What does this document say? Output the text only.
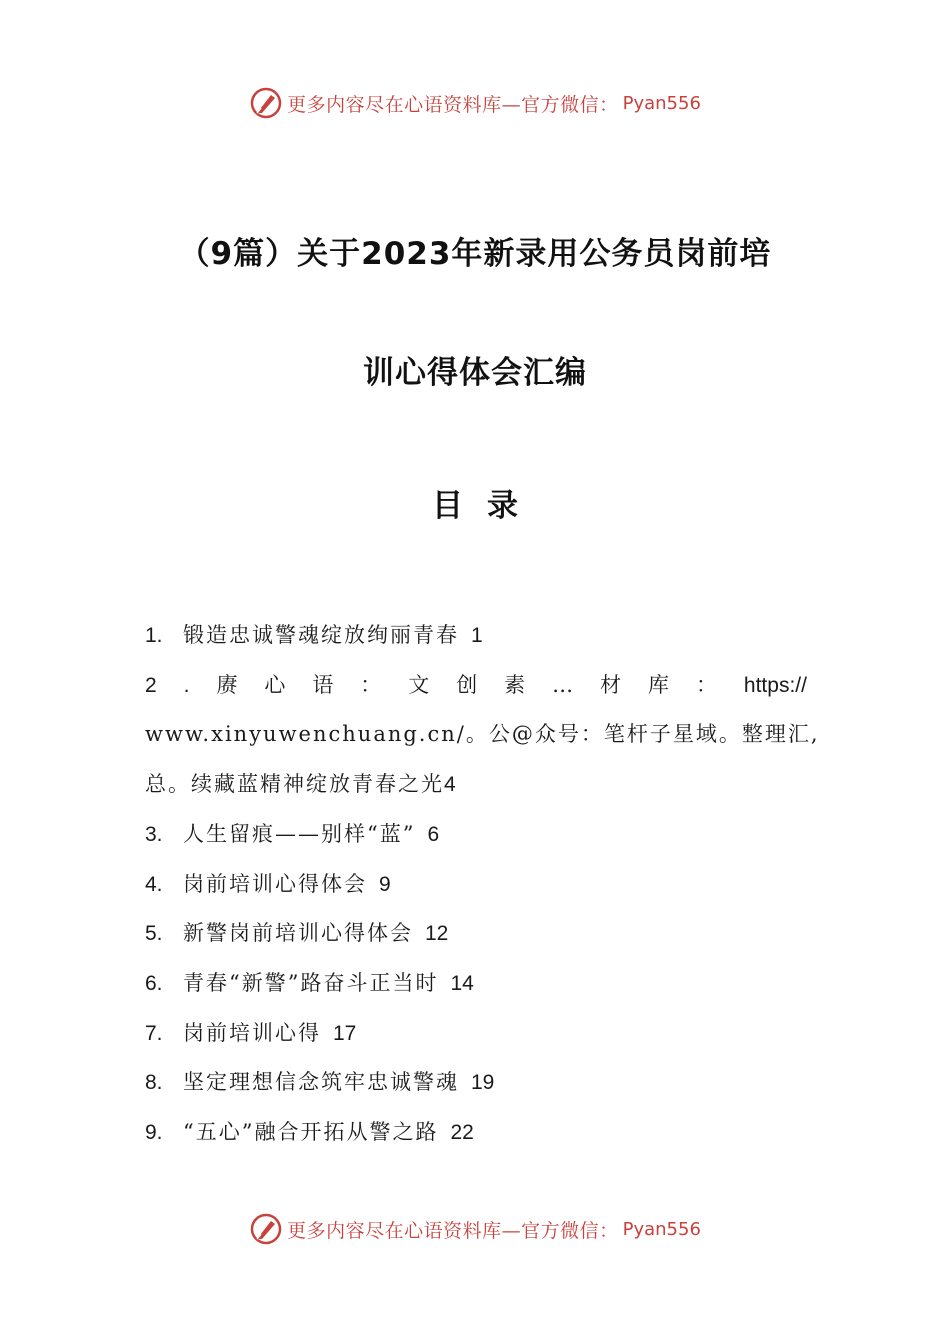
更多内容尽在心语资料库—官方微信： Pyan556
（9篇）关于2023年新录用公务员岗前培
训心得体会汇编
目录
1. 锻造忠诚警魂绽放绚丽青春 1
2 . 赓 心 语 ： 文 创 素 … 材 库 ： https://
www.xinyuwenchuang.cn/。公@众号：笔杆子星域。整理汇,
总。续藏蓝精神绽放青春之光4
3. 人生留痕——别样“蓝” 6
4. 岗前培训心得体会 9
5. 新警岗前培训心得体会 12
6. 青春“新警”路奋斗正当时 14
7. 岗前培训心得 17
8. 坚定理想信念筑牢忠诚警魂 19
9. “五心”融合开拓从警之路 22
更多内容尽在心语资料库—官方微信： Pyan556
